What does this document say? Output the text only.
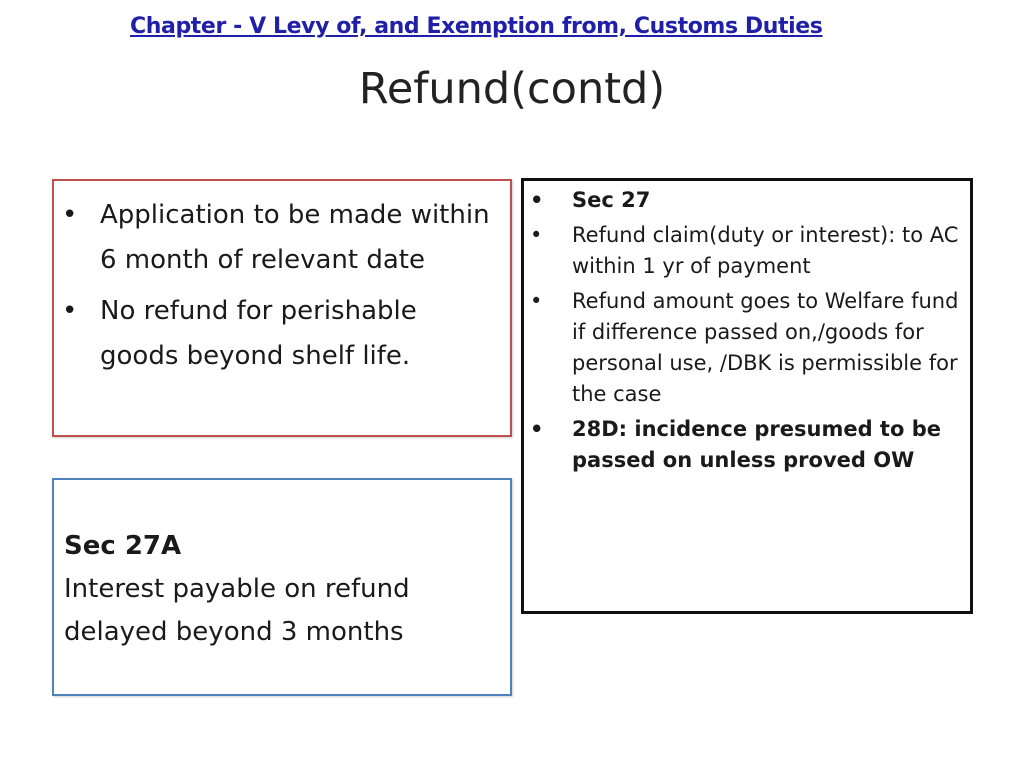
Chapter - V Levy of, and Exemption from, Customs Duties
Refund(contd)
• Application to be made within 6 month of relevant date
• No refund for perishable goods beyond shelf life.
Sec 27A
Interest payable on refund delayed beyond 3 months
• Sec 27
• Refund claim(duty or interest): to AC within 1 yr of payment
• Refund amount goes to Welfare fund if difference passed on,/goods for personal use, /DBK is permissible for the case
• 28D: incidence presumed to be passed on unless proved OW
